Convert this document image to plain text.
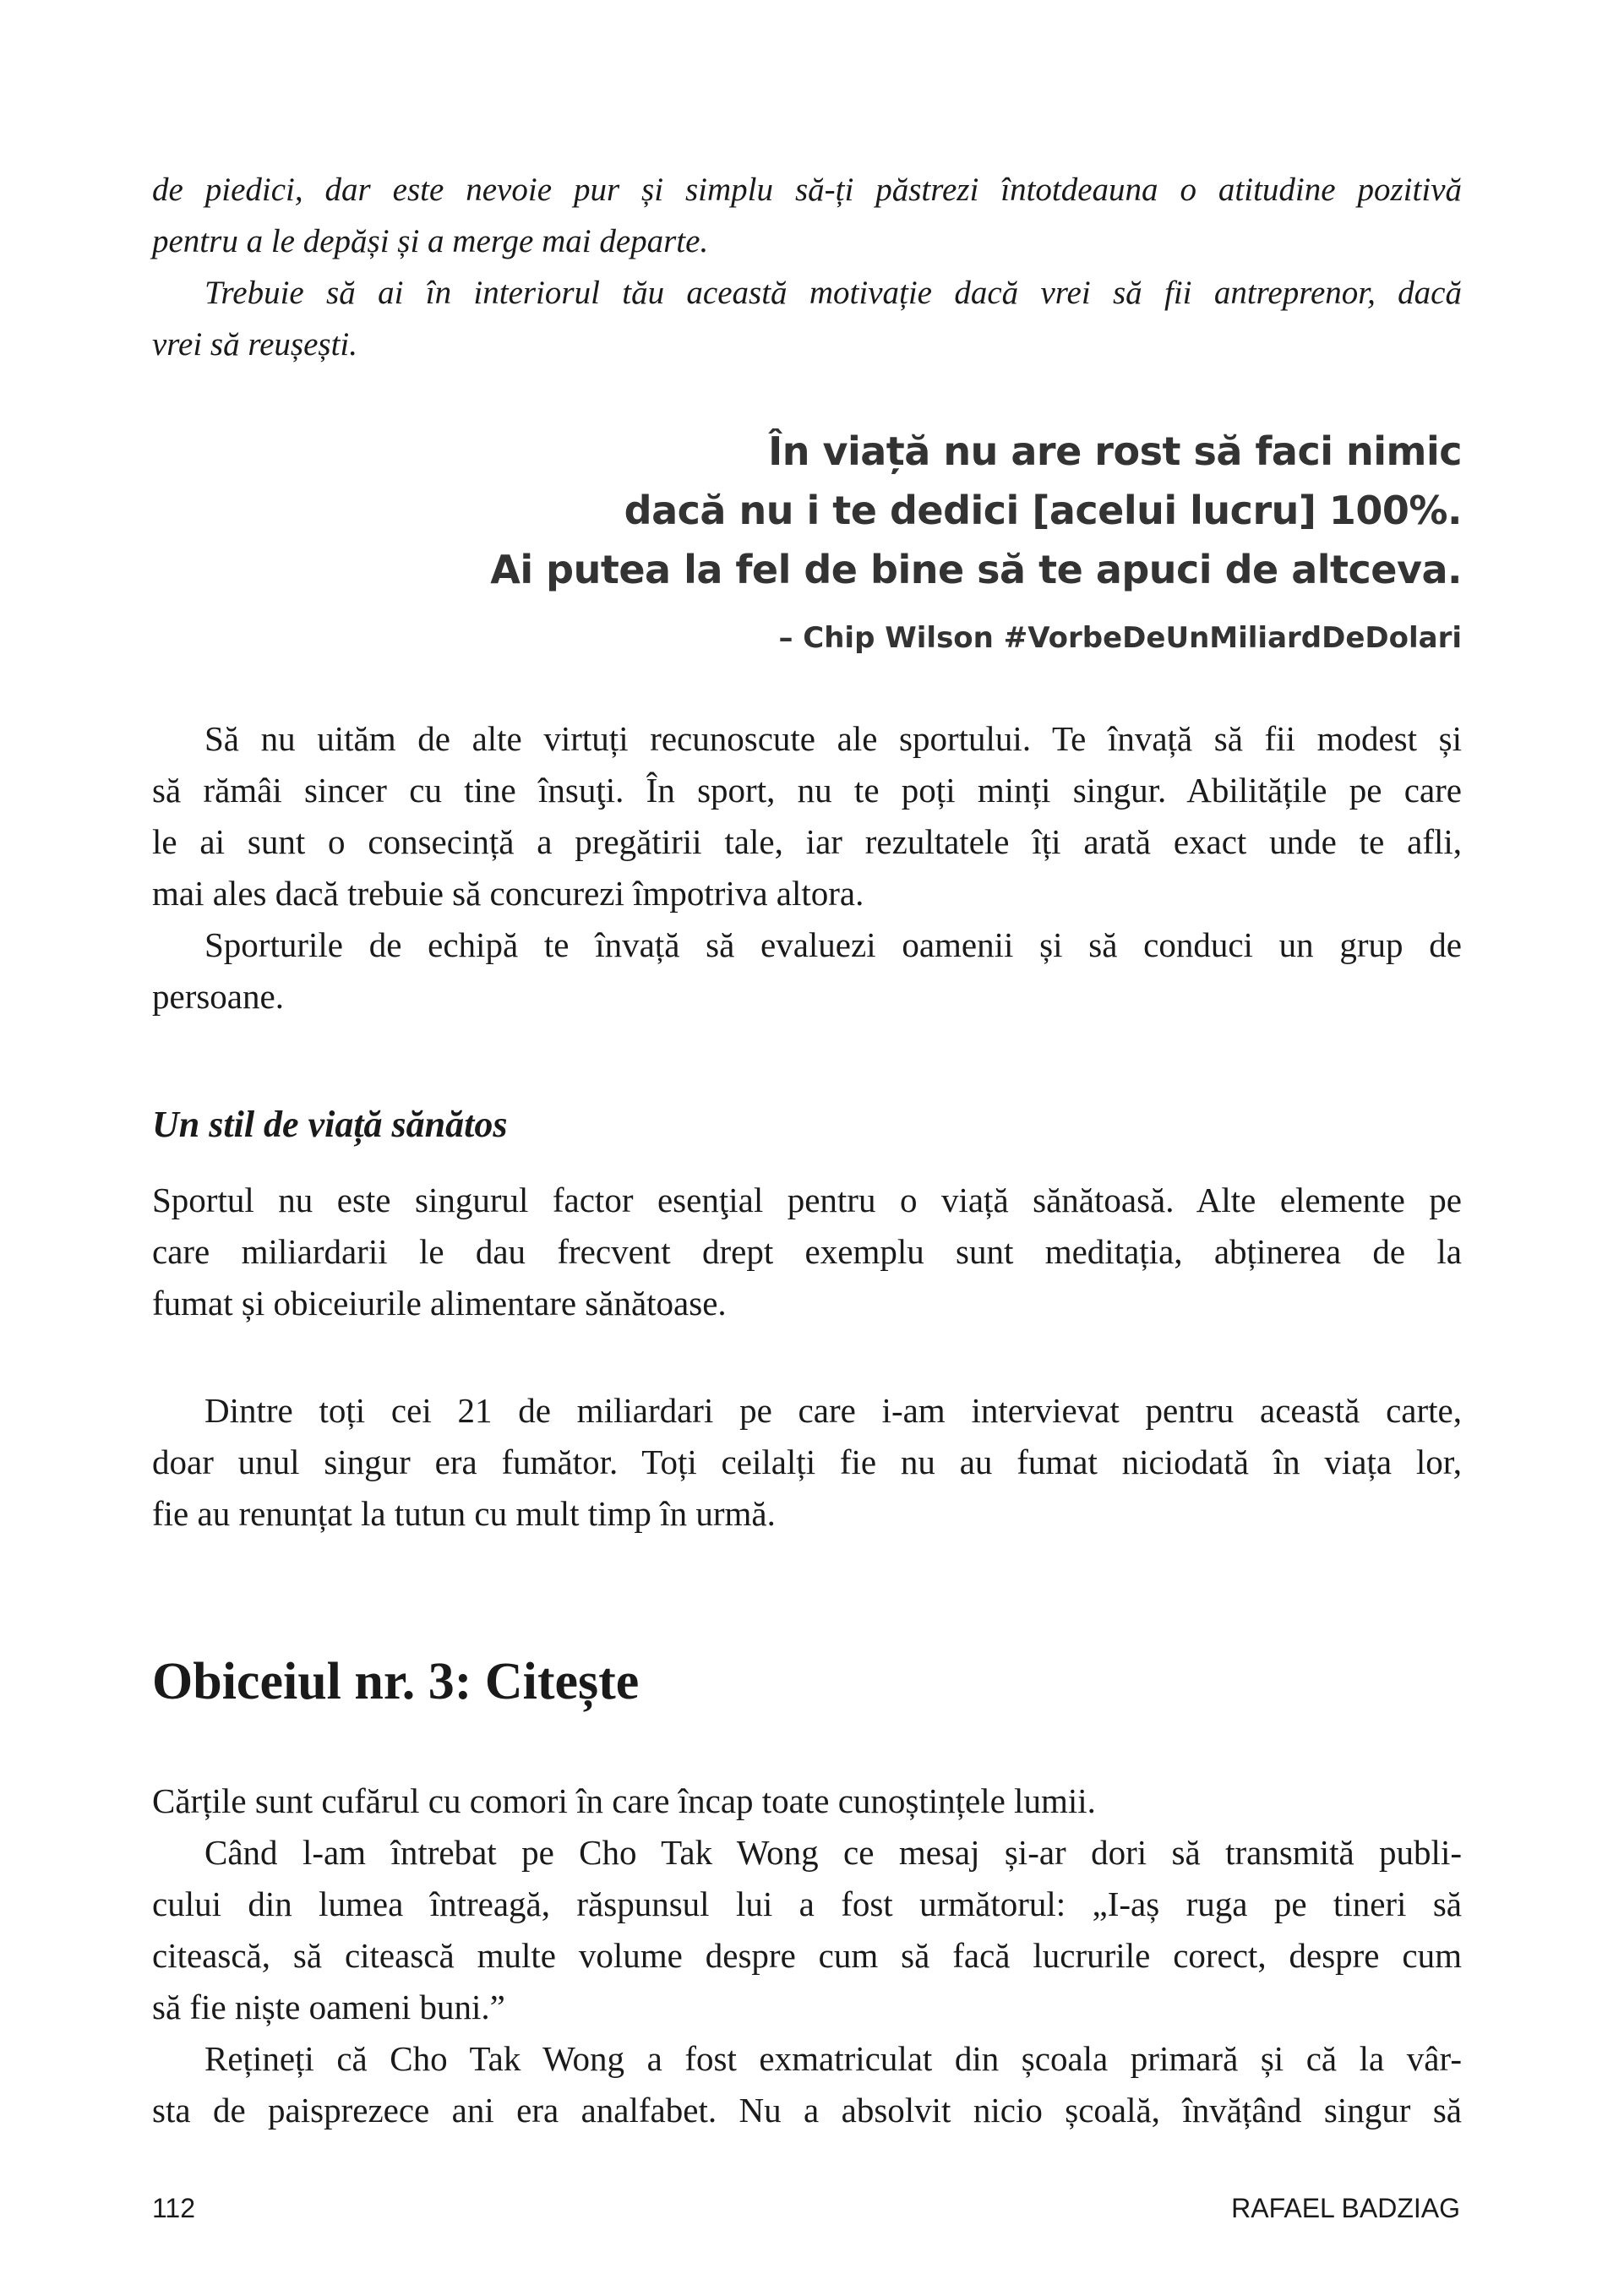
de piedici, dar este nevoie pur și simplu să-ți păstrezi întotdeauna o atitudine pozitivă
pentru a le depăși și a merge mai departe.
Trebuie să ai în interiorul tău această motivație dacă vrei să fii antreprenor, dacă
vrei să reușești.
În viață nu are rost să faci nimic
dacă nu i te dedici [acelui lucru] 100%.
Ai putea la fel de bine să te apuci de altceva.
– Chip Wilson #VorbeDeUnMiliardDeDolari
Să nu uităm de alte virtuți recunoscute ale sportului. Te învață să fii modest și
să rămâi sincer cu tine însuţi. În sport, nu te poți minți singur. Abilitățile pe care
le ai sunt o consecință a pregătirii tale, iar rezultatele îți arată exact unde te afli,
mai ales dacă trebuie să concurezi împotriva altora.
Sporturile de echipă te învață să evaluezi oamenii și să conduci un grup de
persoane.
Un stil de viață sănătos
Sportul nu este singurul factor esenţial pentru o viață sănătoasă. Alte elemente pe
care miliardarii le dau frecvent drept exemplu sunt meditația, abținerea de la
fumat și obiceiurile alimentare sănătoase.
Dintre toți cei 21 de miliardari pe care i-am intervievat pentru această carte,
doar unul singur era fumător. Toți ceilalți fie nu au fumat niciodată în viața lor,
fie au renunțat la tutun cu mult timp în urmă.
Obiceiul nr. 3: Citește
Cărțile sunt cufărul cu comori în care încap toate cunoștințele lumii.
Când l-am întrebat pe Cho Tak Wong ce mesaj și-ar dori să transmită publi-
cului din lumea întreagă, răspunsul lui a fost următorul: „I-aș ruga pe tineri să
citească, să citească multe volume despre cum să facă lucrurile corect, despre cum
să fie niște oameni buni.”
Rețineți că Cho Tak Wong a fost exmatriculat din școala primară și că la vâr-
sta de paisprezece ani era analfabet. Nu a absolvit nicio școală, învățând singur să
112	RAFAEL BADZIAG
